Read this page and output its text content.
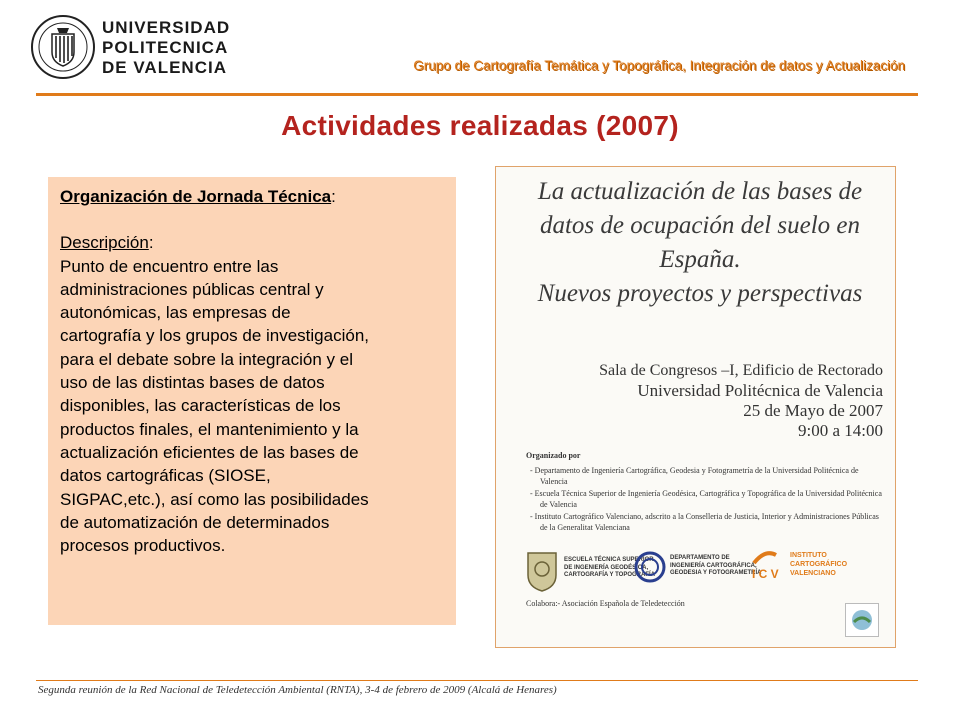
UNIVERSIDAD
POLITECNICA
DE VALENCIA	Grupo de Cartografía Temática y Topográfica, Integración de datos y Actualización
Actividades realizadas (2007)

Organización de Jornada Técnica:

Descripción:

Punto de encuentro entre las

administraciones públicas central y

autonómicas, las empresas de

cartografía y los grupos de investigación,

para el debate sobre la integración y el

uso de las distintas bases de datos

disponibles, las características de los

productos finales, el mantenimiento y la

actualización eficientes de las bases de

datos cartográficas (SIOSE,

SIGPAC,etc.), así como las posibilidades

de automatización de determinados

procesos productivos.

La actualización de las bases de
datos de ocupación del suelo en
España.
Nuevos proyectos y perspectivas
Sala de Congresos –I, Edificio de Rectorado
Universidad Politécnica de Valencia
25 de Mayo de 2007
9:00 a 14:00
Organizado por
- Departamento de Ingeniería Cartográfica, Geodesia y Fotogrametría de la Universidad Politécnica de Valencia
- Escuela Técnica Superior de Ingeniería Geodésica, Cartográfica y Topográfica de la Universidad Politécnica de Valencia
- Instituto Cartográfico Valenciano, adscrito a la Conselleria de Justicia, Interior y Administraciones Públicas de la Generalitat Valenciana
ESCUELA TÉCNICA SUPERIOR
DE INGENIERÍA GEODÉSICA,
CARTOGRAFÍA Y TOPOGRAFÍA
DEPARTAMENTO DE
INGENIERÍA CARTOGRÁFICA,
GEODESIA Y FOTOGRAMETRÍA
I C V
INSTITUTO
CARTOGRÁFICO
VALENCIANO
Colabora:- Asociación Española de Teledetección
Segunda reunión de la Red Nacional de Teledetección Ambiental (RNTA), 3-4 de febrero de 2009 (Alcalá de Henares)
